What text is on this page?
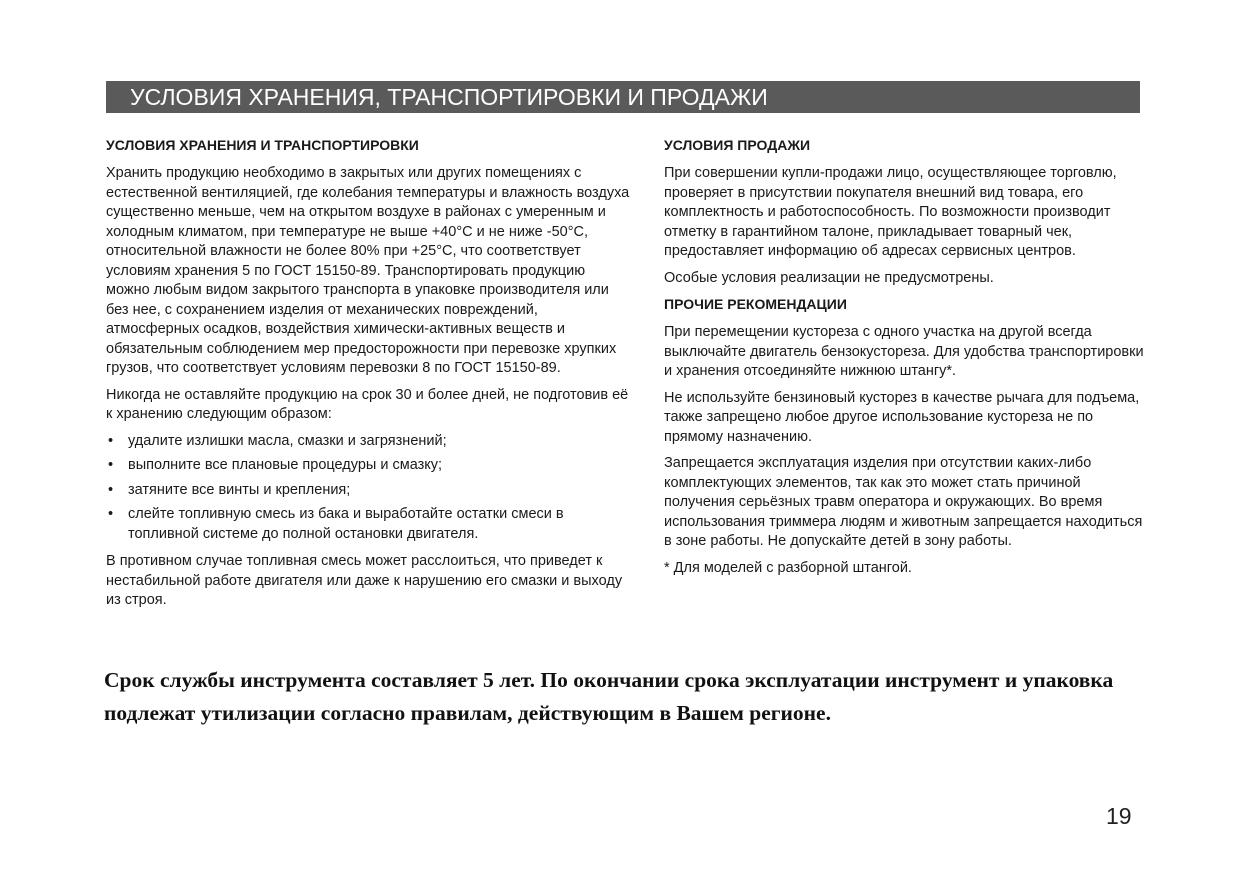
УСЛОВИЯ ХРАНЕНИЯ, ТРАНСПОРТИРОВКИ И ПРОДАЖИ
УСЛОВИЯ ХРАНЕНИЯ И ТРАНСПОРТИРОВКИ

Хранить продукцию необходимо в закрытых или других помещениях с естественной вентиляцией, где колебания температуры и влажность воздуха существенно меньше, чем на открытом воздухе в районах с умеренным и холодным климатом, при температуре не выше +40°С и не ниже -50°С, относительной влажности не более 80% при +25°С, что соответствует условиям хранения 5 по ГОСТ 15150-89. Транспортировать продукцию можно любым видом закрытого транспорта в упаковке производителя или без нее, с сохранением изделия от механических повреждений, атмосферных осадков, воздействия химически-активных веществ и обязательным соблюдением мер предосторожности при перевозке хрупких грузов, что соответствует условиям перевозки 8 по ГОСТ 15150-89.

Никогда не оставляйте продукцию на срок 30 и более дней, не подготовив её к хранению следующим образом:

• удалите излишки масла, смазки и загрязнений;
• выполните все плановые процедуры и смазку;
• затяните все винты и крепления;
• слейте топливную смесь из бака и выработайте остатки смеси в топливной системе до полной остановки двигателя.

В противном случае топливная смесь может расслоиться, что приведет к нестабильной работе двигателя или даже к нарушению его смазки и выходу из строя.

УСЛОВИЯ ПРОДАЖИ

При совершении купли-продажи лицо, осуществляющее торговлю, проверяет в присутствии покупателя внешний вид товара, его комплектность и работоспособность. По возможности производит отметку в гарантийном талоне, прикладывает товарный чек, предоставляет информацию об адресах сервисных центров.

Особые условия реализации не предусмотрены.

ПРОЧИЕ РЕКОМЕНДАЦИИ

При перемещении кустореза с одного участка на другой всегда выключайте двигатель бензокустореза. Для удобства транспортировки и хранения отсоединяйте нижнюю штангу*.

Не используйте бензиновый кусторез в качестве рычага для подъема, также запрещено любое другое использование кустореза не по прямому назначению.

Запрещается эксплуатация изделия при отсутствии каких-либо комплектующих элементов, так как это может стать причиной получения серьёзных травм оператора и окружающих. Во время использования триммера людям и животным запрещается находиться в зоне работы. Не допускайте детей в зону работы.

* Для моделей с разборной штангой.

Срок службы инструмента составляет 5 лет. По окончании срока эксплуатации инструмент и упаковка подлежат утилизации согласно правилам, действующим в Вашем регионе.
19
